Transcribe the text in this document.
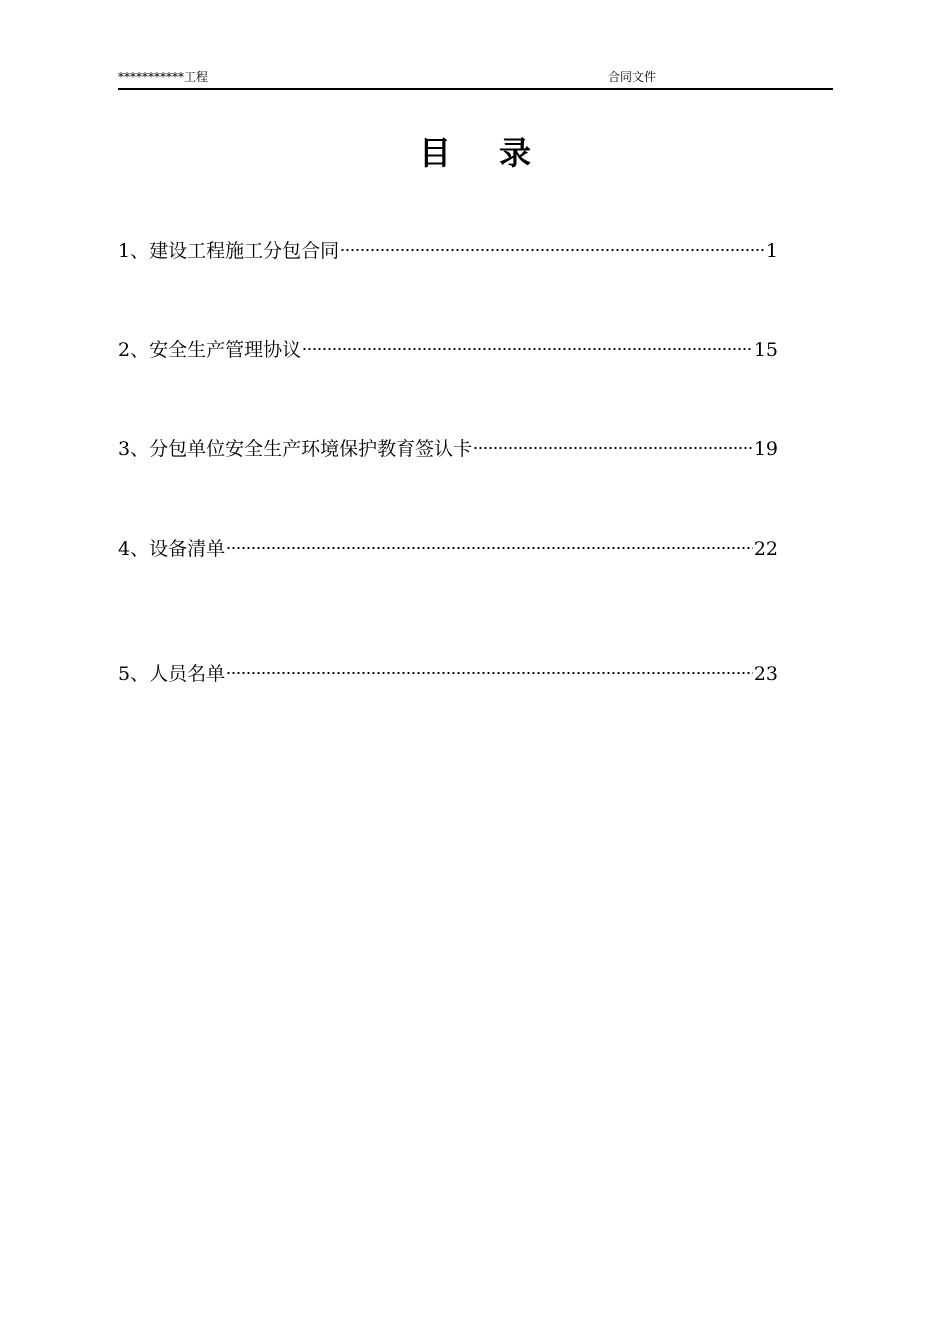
***********工程	合同文件
目录
1、建设工程施工分包合同	1
2、安全生产管理协议	15
3、分包单位安全生产环境保护教育签认卡	19
4、设备清单	22
5、人员名单	23
